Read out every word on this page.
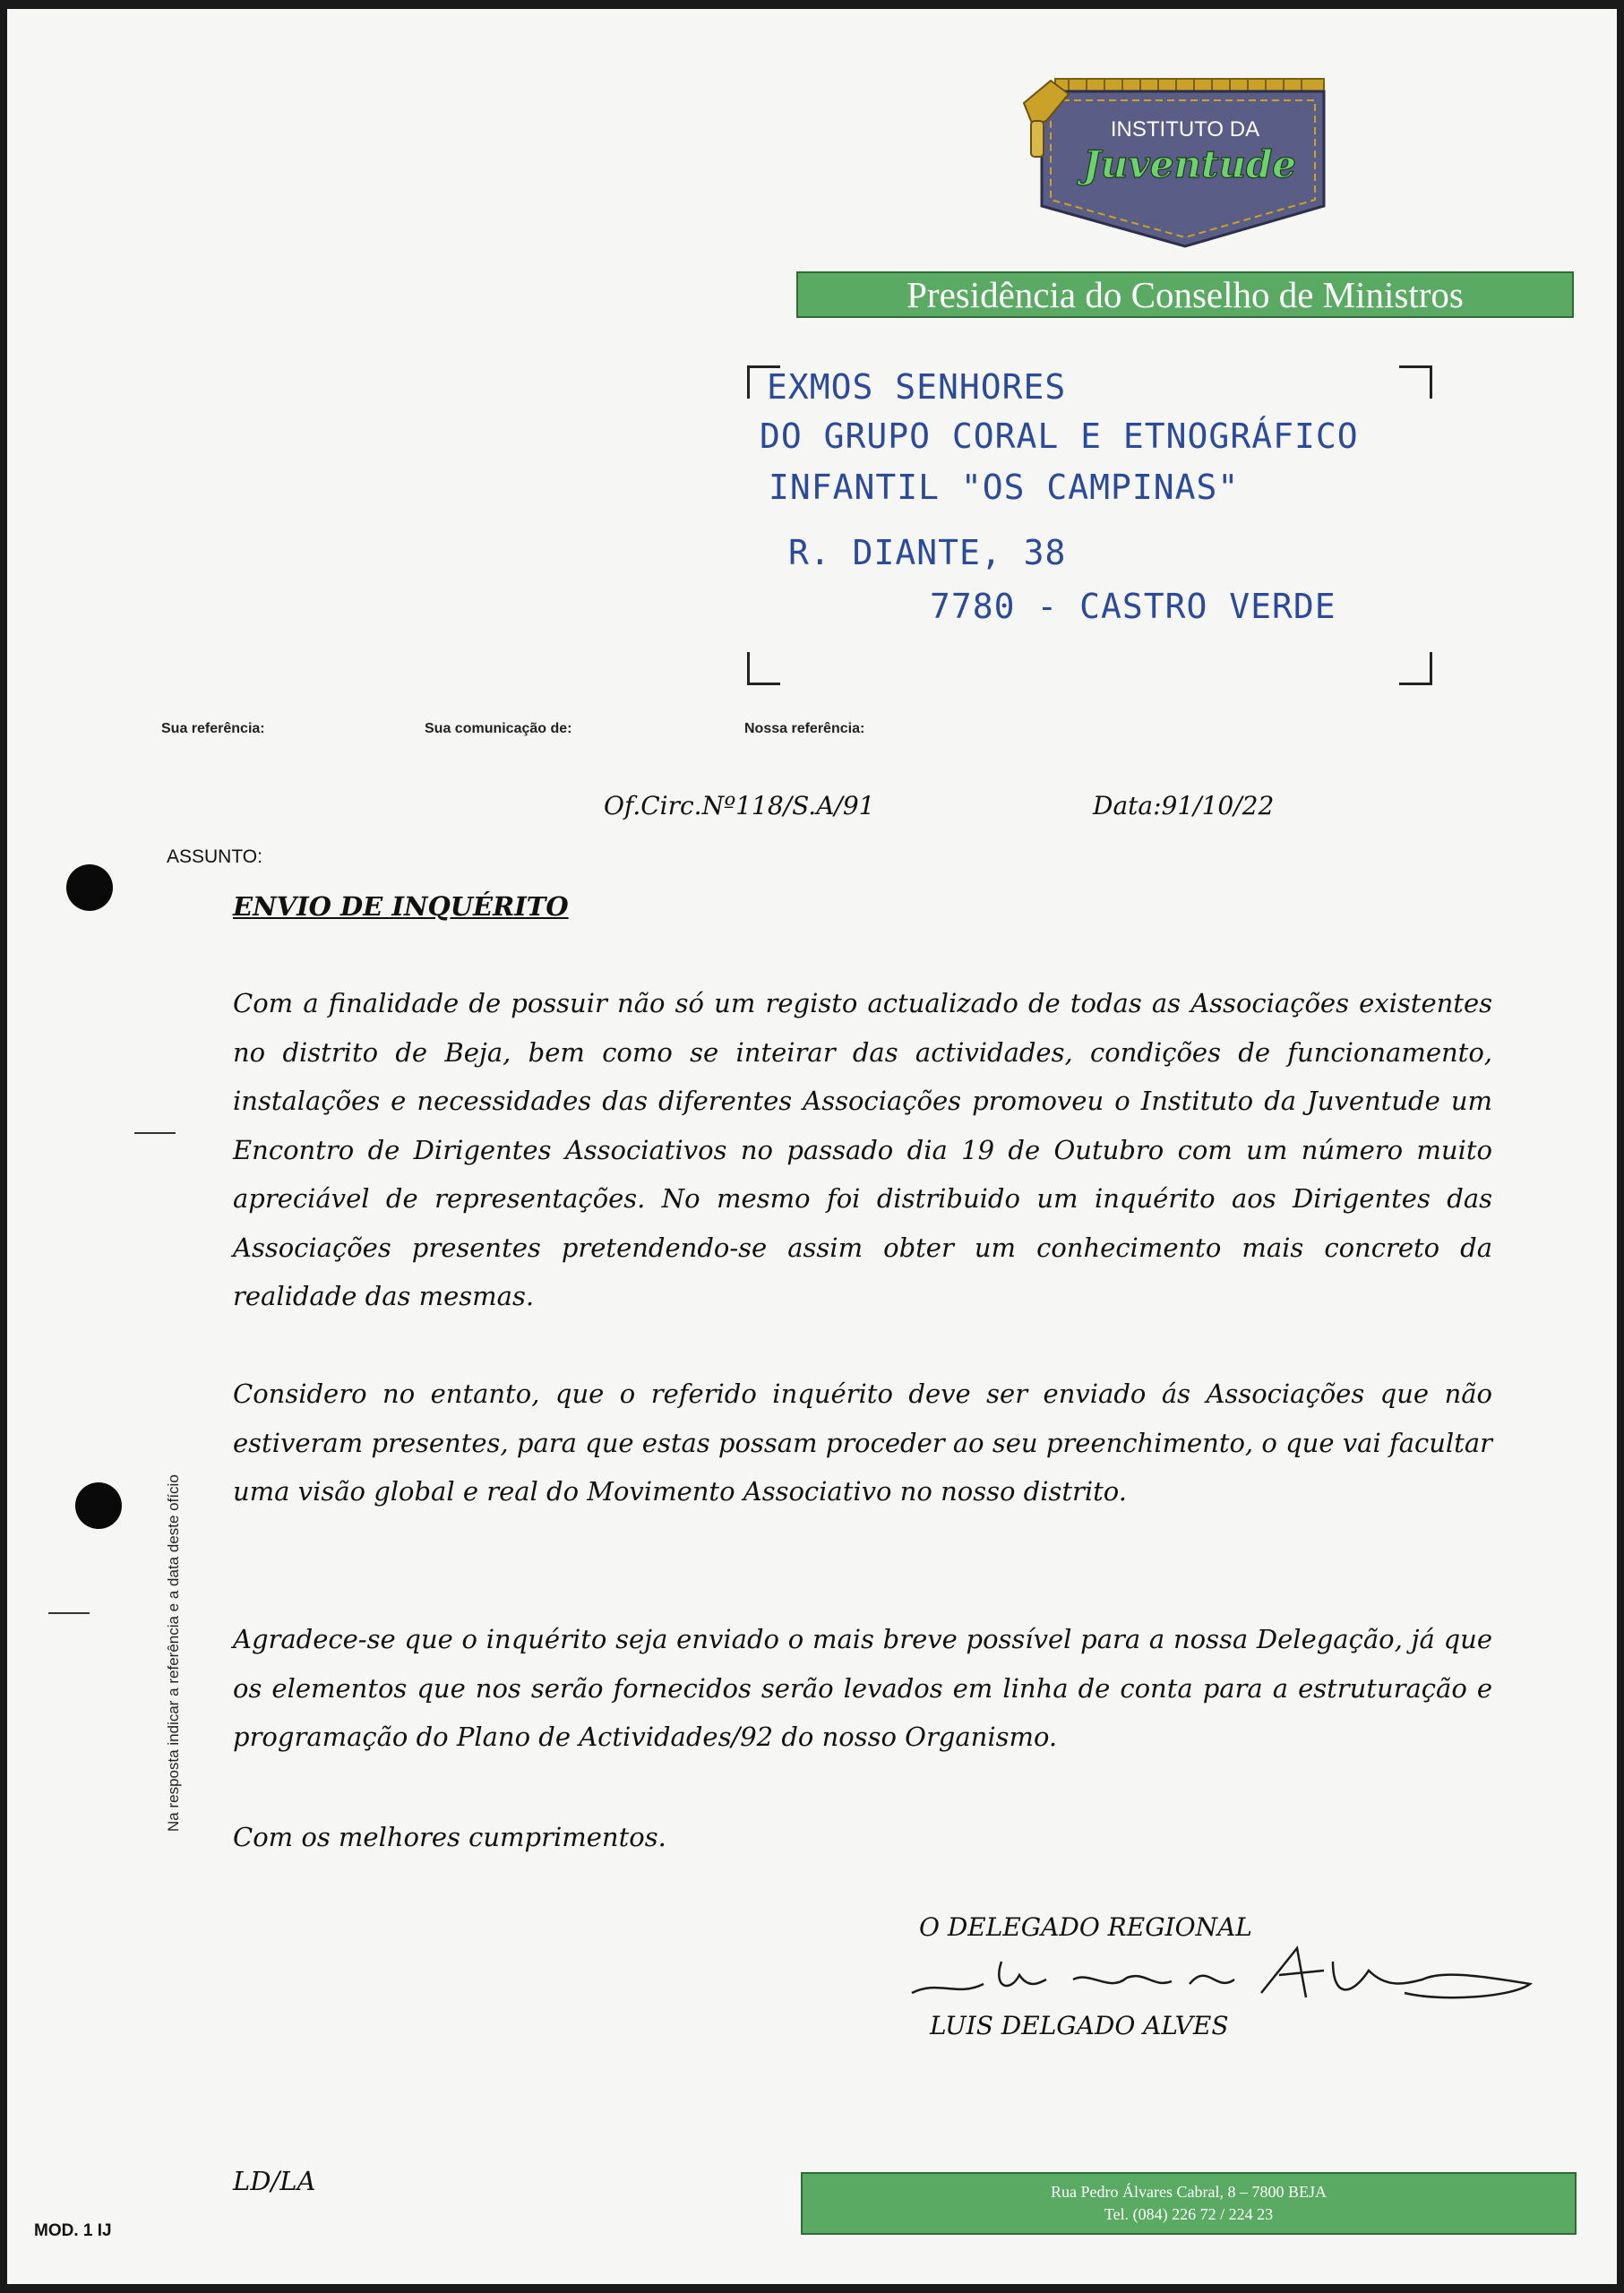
INSTITUTO DA
Juventude
Presidência do Conselho de Ministros
EXMOS SENHORES
DO GRUPO CORAL E ETNOGRÁFICO
INFANTIL "OS CAMPINAS"
R. DIANTE, 38
7780 - CASTRO VERDE
Sua referência:	Sua comunicação de:	Nossa referência:
Of.Circ.Nº118/S.A/91	Data:91/10/22
ASSUNTO:
ENVIO DE INQUÉRITO

Com a finalidade de possuir não só um registo actualizado de todas as Associações existentes no distrito de Beja, bem como se inteirar das actividades, condições de funcionamento, instalações e necessidades das diferentes Associações promoveu o Instituto da Juventude um Encontro de Dirigentes Associativos no passado dia 19 de Outubro com um número muito apreciável de representações. No mesmo foi distribuido um inquérito aos Dirigentes das Associações presentes pretendendo-se assim obter um conhecimento mais concreto da realidade das mesmas.

Considero no entanto, que o referido inquérito deve ser enviado ás Associações que não estiveram presentes, para que estas possam proceder ao seu preenchimento, o que vai facultar uma visão global e real do Movimento Associativo no nosso distrito.

Agradece-se que o inquérito seja enviado o mais breve possível para a nossa Delegação, já que os elementos que nos serão fornecidos serão levados em linha de conta para a estruturação e programação do Plano de Actividades/92 do nosso Organismo.

Com os melhores cumprimentos.

O DELEGADO REGIONAL
LUIS DELGADO ALVES
Na resposta indicar a referência e a data deste ofício
LD/LA	Rua Pedro Álvares Cabral, 8 – 7800 BEJA
Tel. (084) 226 72 / 224 23
MOD. 1 IJ
